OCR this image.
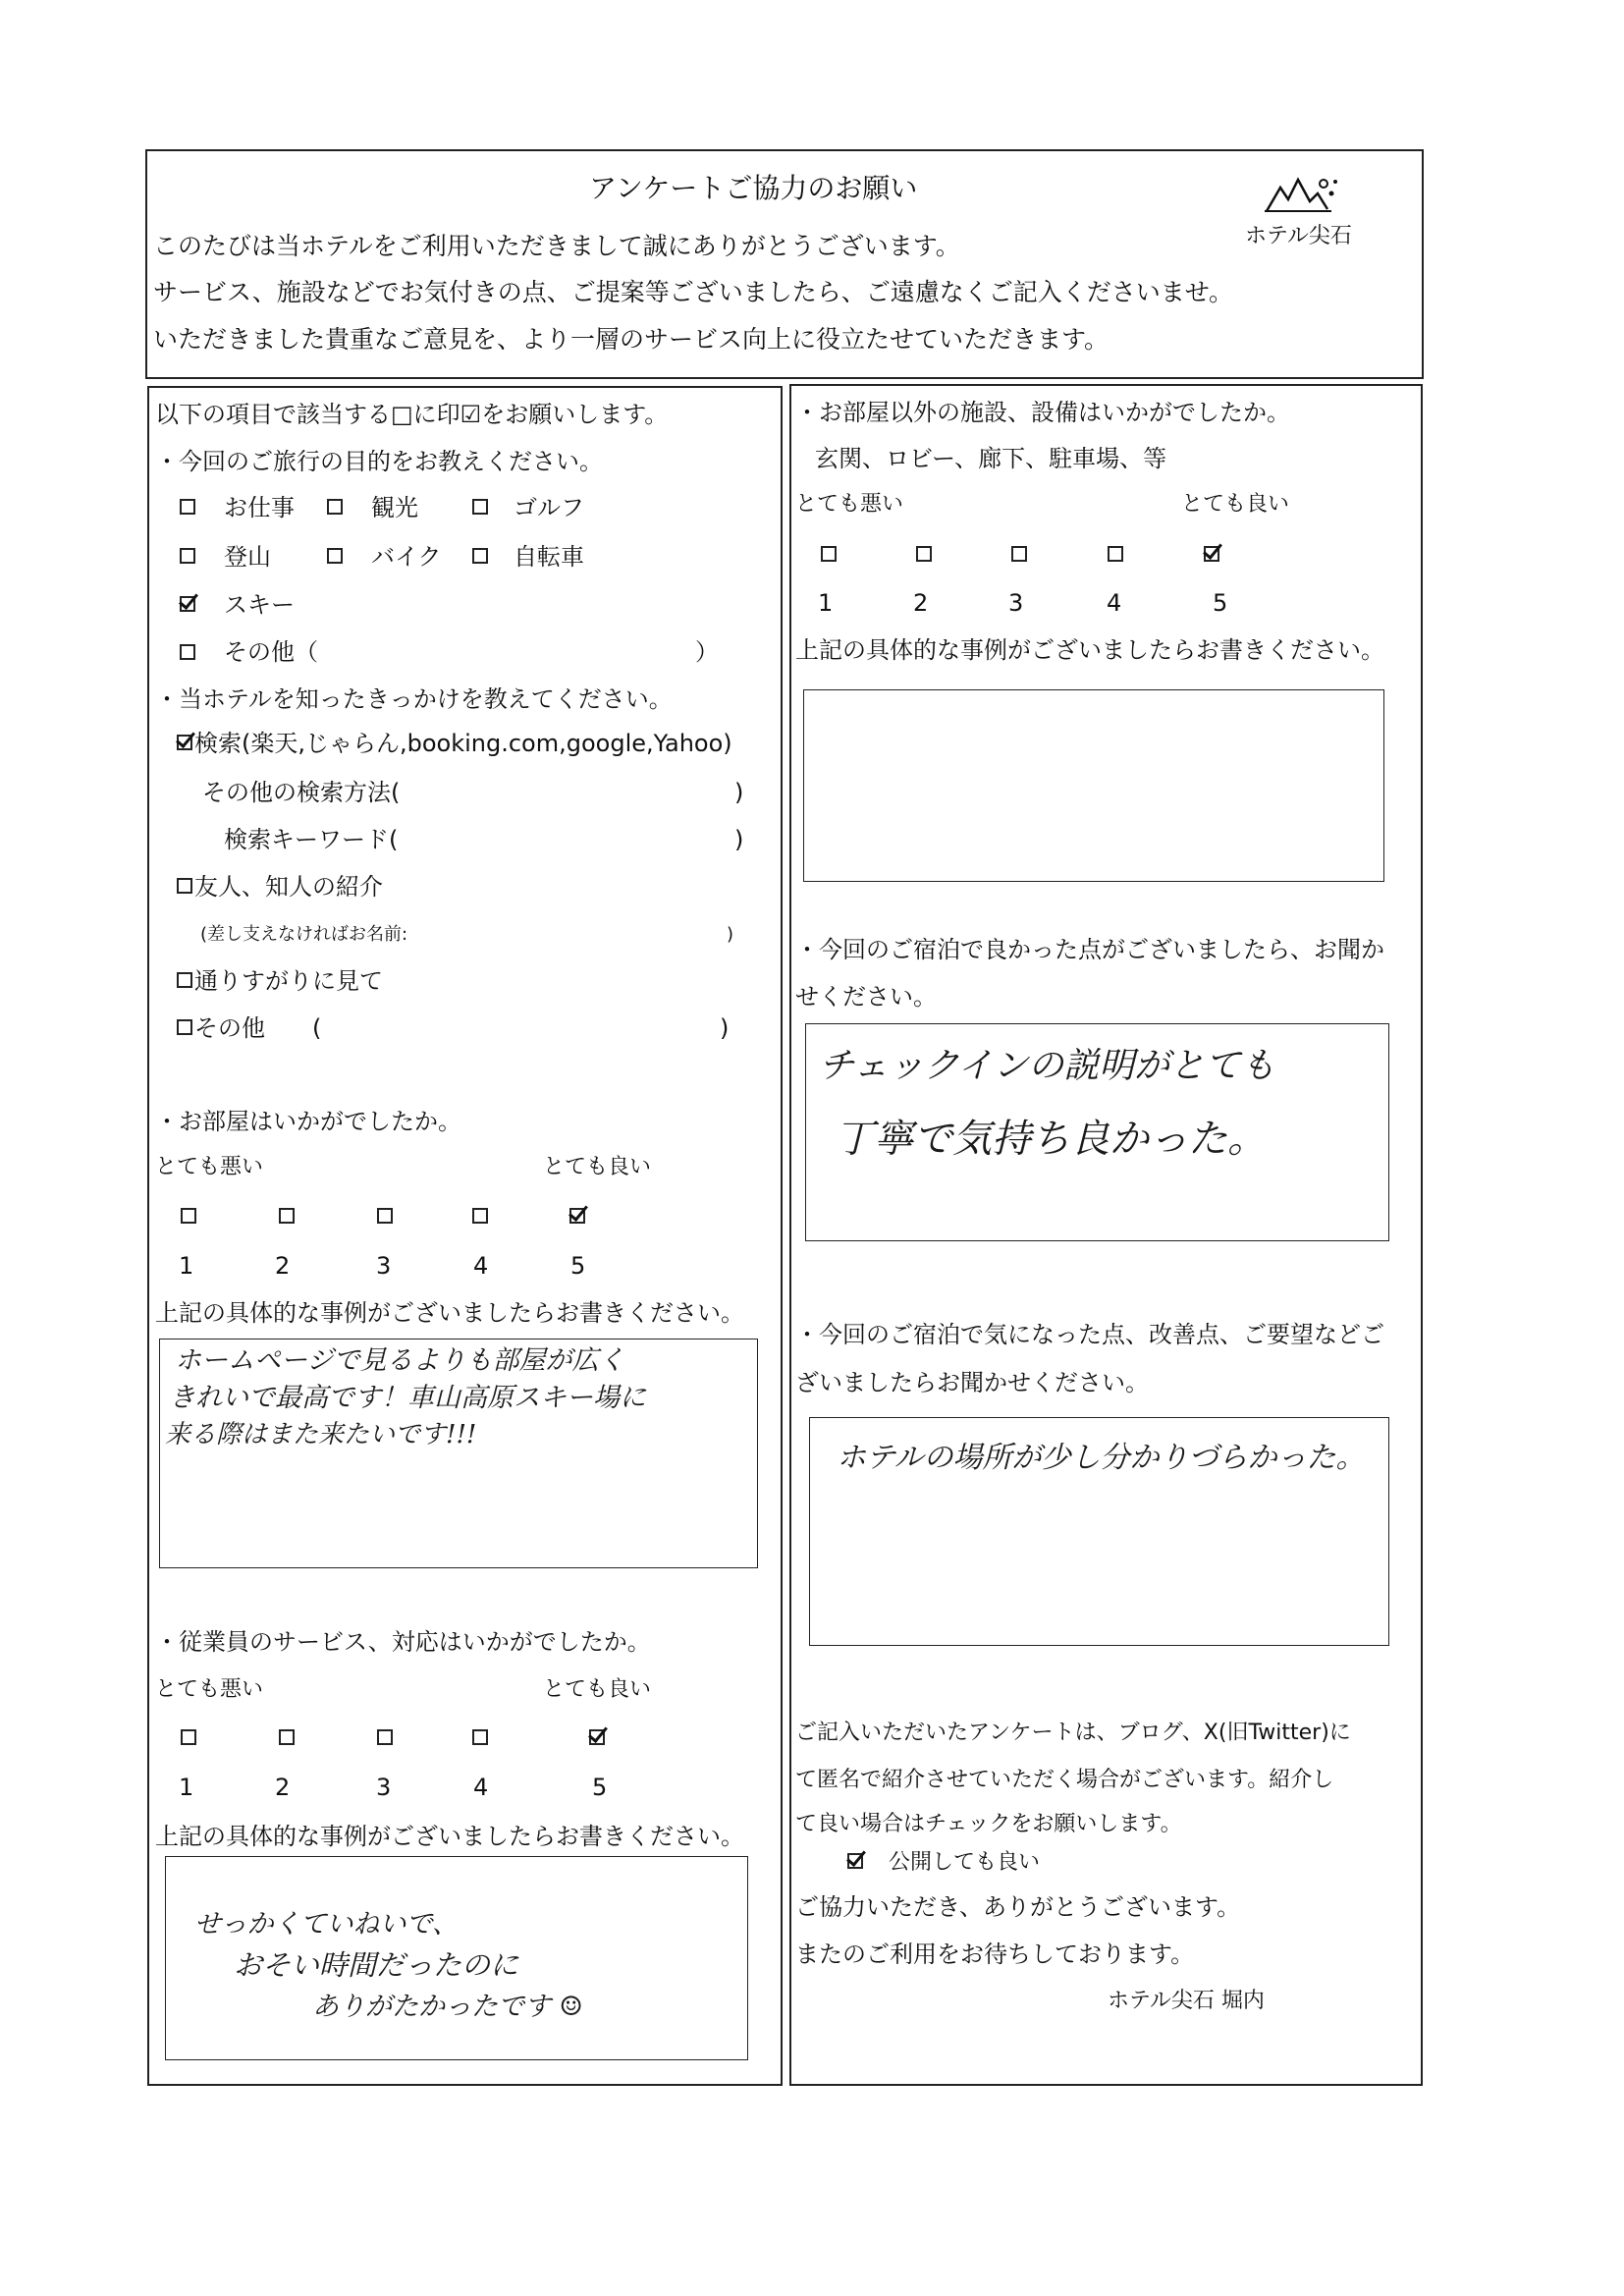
アンケートご協力のお願い
このたびは当ホテルをご利用いただきまして誠にありがとうございます。
サービス、施設などでお気付きの点、ご提案等ございましたら、ご遠慮なくご記入くださいませ。
いただきました貴重なご意見を、より一層のサービス向上に役立たせていただきます。
ホテル尖石
以下の項目で該当する□に印☑をお願いします。
・今回のご旅行の目的をお教えください。
お仕事	観光	ゴルフ
登山	バイク	自転車
スキー
その他（	）
・当ホテルを知ったきっかけを教えてください。
検索(楽天,じゃらん,booking.com,google,Yahoo)
その他の検索方法(	)
検索キーワード(	)
友人、知人の紹介
(差し支えなければお名前:	)
通りすがりに見て
その他 (	)
・お部屋はいかがでしたか。
とても悪い	とても良い
1	2	3	4	5
上記の具体的な事例がございましたらお書きください。
ホームページで見るよりも部屋が広く
きれいで最高です！車山高原スキー場に
来る際はまた来たいです!!!
・従業員のサービス、対応はいかがでしたか。
とても悪い	とても良い
1	2	3	4	5
上記の具体的な事例がございましたらお書きください。
せっかくていねいで、
おそい時間だったのに
ありがたかったです ☺
・お部屋以外の施設、設備はいかがでしたか。
玄関、ロビー、廊下、駐車場、等
とても悪い	とても良い
1	2	3	4	5
上記の具体的な事例がございましたらお書きください。
・今回のご宿泊で良かった点がございましたら、お聞か
せください。
チェックインの説明がとても
丁寧で気持ち良かった。
・今回のご宿泊で気になった点、改善点、ご要望などご
ざいましたらお聞かせください。
ホテルの場所が少し分かりづらかった。
ご記入いただいたアンケートは、ブログ、X(旧Twitter)に
て匿名で紹介させていただく場合がございます。紹介し
て良い場合はチェックをお願いします。
公開しても良い
ご協力いただき、ありがとうございます。
またのご利用をお待ちしております。
ホテル尖石 堀内
